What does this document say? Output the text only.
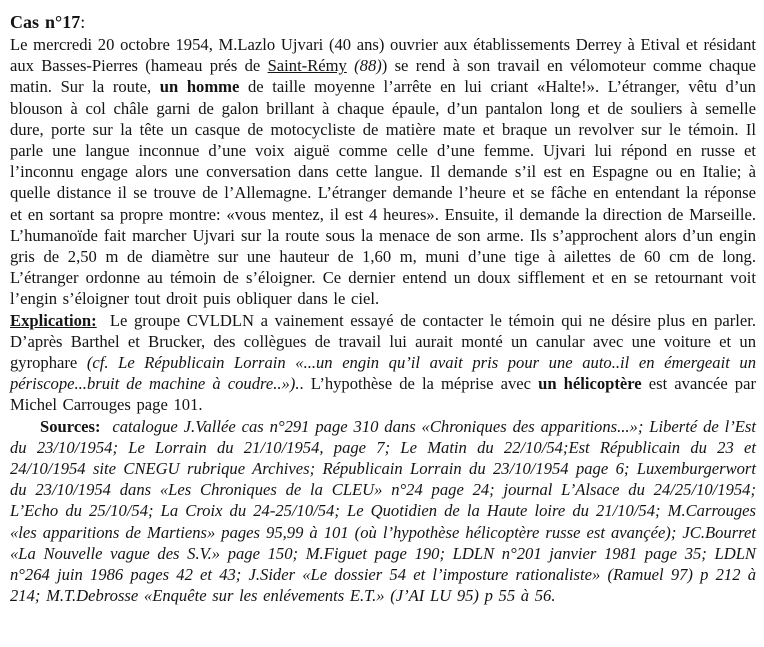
Cas n°17:

Le mercredi 20 octobre 1954, M.Lazlo Ujvari (40 ans) ouvrier aux établissements Derrey à Etival et résidant aux Basses-Pierres (hameau prés de Saint-Rémy (88)) se rend à son travail en vélomoteur comme chaque matin. Sur la route, un homme de taille moyenne l’arrête en lui criant «Halte!». L’étranger, vêtu d’un blouson à col châle garni de galon brillant à chaque épaule, d’un pantalon long et de souliers à semelle dure, porte sur la tête un casque de motocycliste de matière mate et braque un revolver sur le témoin. Il parle une langue inconnue d’une voix aiguë comme celle d’une femme. Ujvari lui répond en russe et l’inconnu engage alors une conversation dans cette langue. Il demande s’il est en Espagne ou en Italie; à quelle distance il se trouve de l’Allemagne. L’étranger demande l’heure et se fâche en entendant la réponse et en sortant sa propre montre: «vous mentez, il est 4 heures». Ensuite, il demande la direction de Marseille. L’humanoïde fait marcher Ujvari sur la route sous la menace de son arme. Ils s’approchent alors d’un engin gris de 2,50 m de diamètre sur une hauteur de 1,60 m, muni d’une tige à ailettes de 60 cm de long. L’étranger ordonne au témoin de s’éloigner. Ce dernier entend un doux sifflement et en se retournant voit l’engin s’éloigner tout droit puis obliquer dans le ciel.

Explication:  Le groupe CVLDLN a vainement essayé de contacter le témoin qui ne désire plus en parler. D’après Barthel et Brucker, des collègues de travail lui aurait monté un canular avec une voiture et un gyrophare (cf. Le Républicain Lorrain «...un engin qu’il avait pris pour une auto..il en émergeait un périscope...bruit de machine à coudre..»).. L’hypothèse de la méprise avec un hélicoptère est avancée par Michel Carrouges page 101.

Sources: catalogue J.Vallée cas n°291 page 310 dans «Chroniques des apparitions...»; Liberté de l’Est du 23/10/1954; Le Lorrain du 21/10/1954, page 7; Le Matin du 22/10/54;Est Républicain du 23 et 24/10/1954 site CNEGU rubrique Archives; Républicain Lorrain du 23/10/1954 page 6; Luxemburgerwort du 23/10/1954 dans «Les Chroniques de la CLEU» n°24 page 24; journal L’Alsace du 24/25/10/1954; L’Echo du 25/10/54; La Croix du 24-25/10/54; Le Quotidien de la Haute loire du 21/10/54; M.Carrouges «les apparitions de Martiens» pages 95,99 à 101 (où l’hypothèse hélicoptère russe est avançée); JC.Bourret «La Nouvelle vague des S.V.» page 150; M.Figuet page 190; LDLN n°201 janvier 1981 page 35; LDLN n°264 juin 1986 pages 42 et 43; J.Sider «Le dossier 54 et l’imposture rationaliste» (Ramuel 97) p 212 à 214; M.T.Debrosse «Enquête sur les enlévements E.T.» (J’AI LU 95) p 55 à 56.
